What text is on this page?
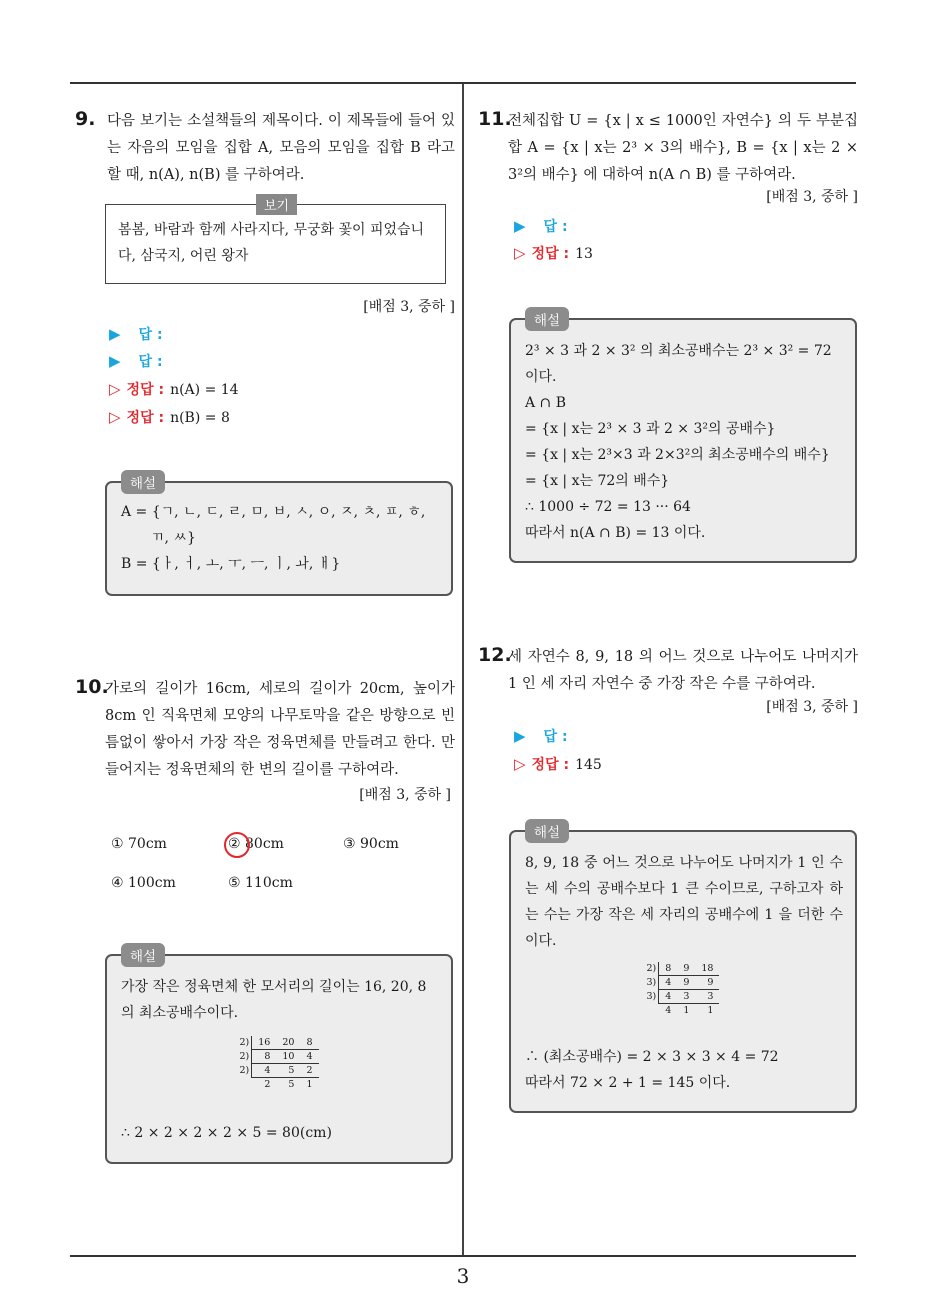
9. 다음 보기는 소설책들의 제목이다. 이 제목들에 들어 있는 자음의 모임을 집합 A, 모음의 모임을 집합 B 라고 할 때, n(A), n(B) 를 구하여라.
보기
봄봄, 바람과 함께 사라지다, 무궁화 꽃이 피었습니다, 삼국지, 어린 왕자
[배점 3, 중하 ]
▶ 답 :
▶ 답 :
▷ 정답 : n(A) = 14
▷ 정답 : n(B) = 8
해설
A = {ㄱ, ㄴ, ㄷ, ㄹ, ㅁ, ㅂ, ㅅ, ㅇ, ㅈ, ㅊ, ㅍ, ㅎ,
ㄲ, ㅆ}
B = {ㅏ, ㅓ, ㅗ, ㅜ, ㅡ, ㅣ, ㅘ, ㅐ}
10.
가로의 길이가 16cm, 세로의 길이가 20cm, 높이가 8cm 인 직육면체 모양의 나무토막을 같은 방향으로 빈틈없이 쌓아서 가장 작은 정육면체를 만들려고 한다. 만들어지는 정육면체의 한 변의 길이를 구하여라.
[배점 3, 중하 ]
① 70cm	② 80cm	③ 90cm
④ 100cm	⑤ 110cm
해설
가장 작은 정육면체 한 모서리의 길이는 16, 20, 8 의 최소공배수이다.
2)	16	20	8
2)	8	10	4
2)	4	5	2
	2	5	1
∴ 2 × 2 × 2 × 2 × 5 = 80(cm)
11.
전체집합 U = {x | x ≤ 1000인 자연수} 의 두 부분집합 A = {x | x는 2³ × 3의 배수}, B = {x | x는 2 × 3²의 배수} 에 대하여 n(A ∩ B) 를 구하여라.
[배점 3, 중하 ]
▶ 답 :
▷ 정답 : 13
해설
2³ × 3 과 2 × 3² 의 최소공배수는 2³ × 3² = 72
이다.
A ∩ B
= {x | x는 2³ × 3 과 2 × 3²의 공배수}
= {x | x는 2³×3 과 2×3²의 최소공배수의 배수}
= {x | x는 72의 배수}
∴ 1000 ÷ 72 = 13 ··· 64
따라서 n(A ∩ B) = 13 이다.
12.
세 자연수 8, 9, 18 의 어느 것으로 나누어도 나머지가 1 인 세 자리 자연수 중 가장 작은 수를 구하여라.
[배점 3, 중하 ]
▶ 답 :
▷ 정답 : 145
해설
8, 9, 18 중 어느 것으로 나누어도 나머지가 1 인 수는 세 수의 공배수보다 1 큰 수이므로, 구하고자 하는 수는 가장 작은 세 자리의 공배수에 1 을 더한 수이다.
2)	8	9	18
3)	4	9	9
3)	4	3	3
	4	1	1
∴ (최소공배수) = 2 × 3 × 3 × 4 = 72
따라서 72 × 2 + 1 = 145 이다.
3
